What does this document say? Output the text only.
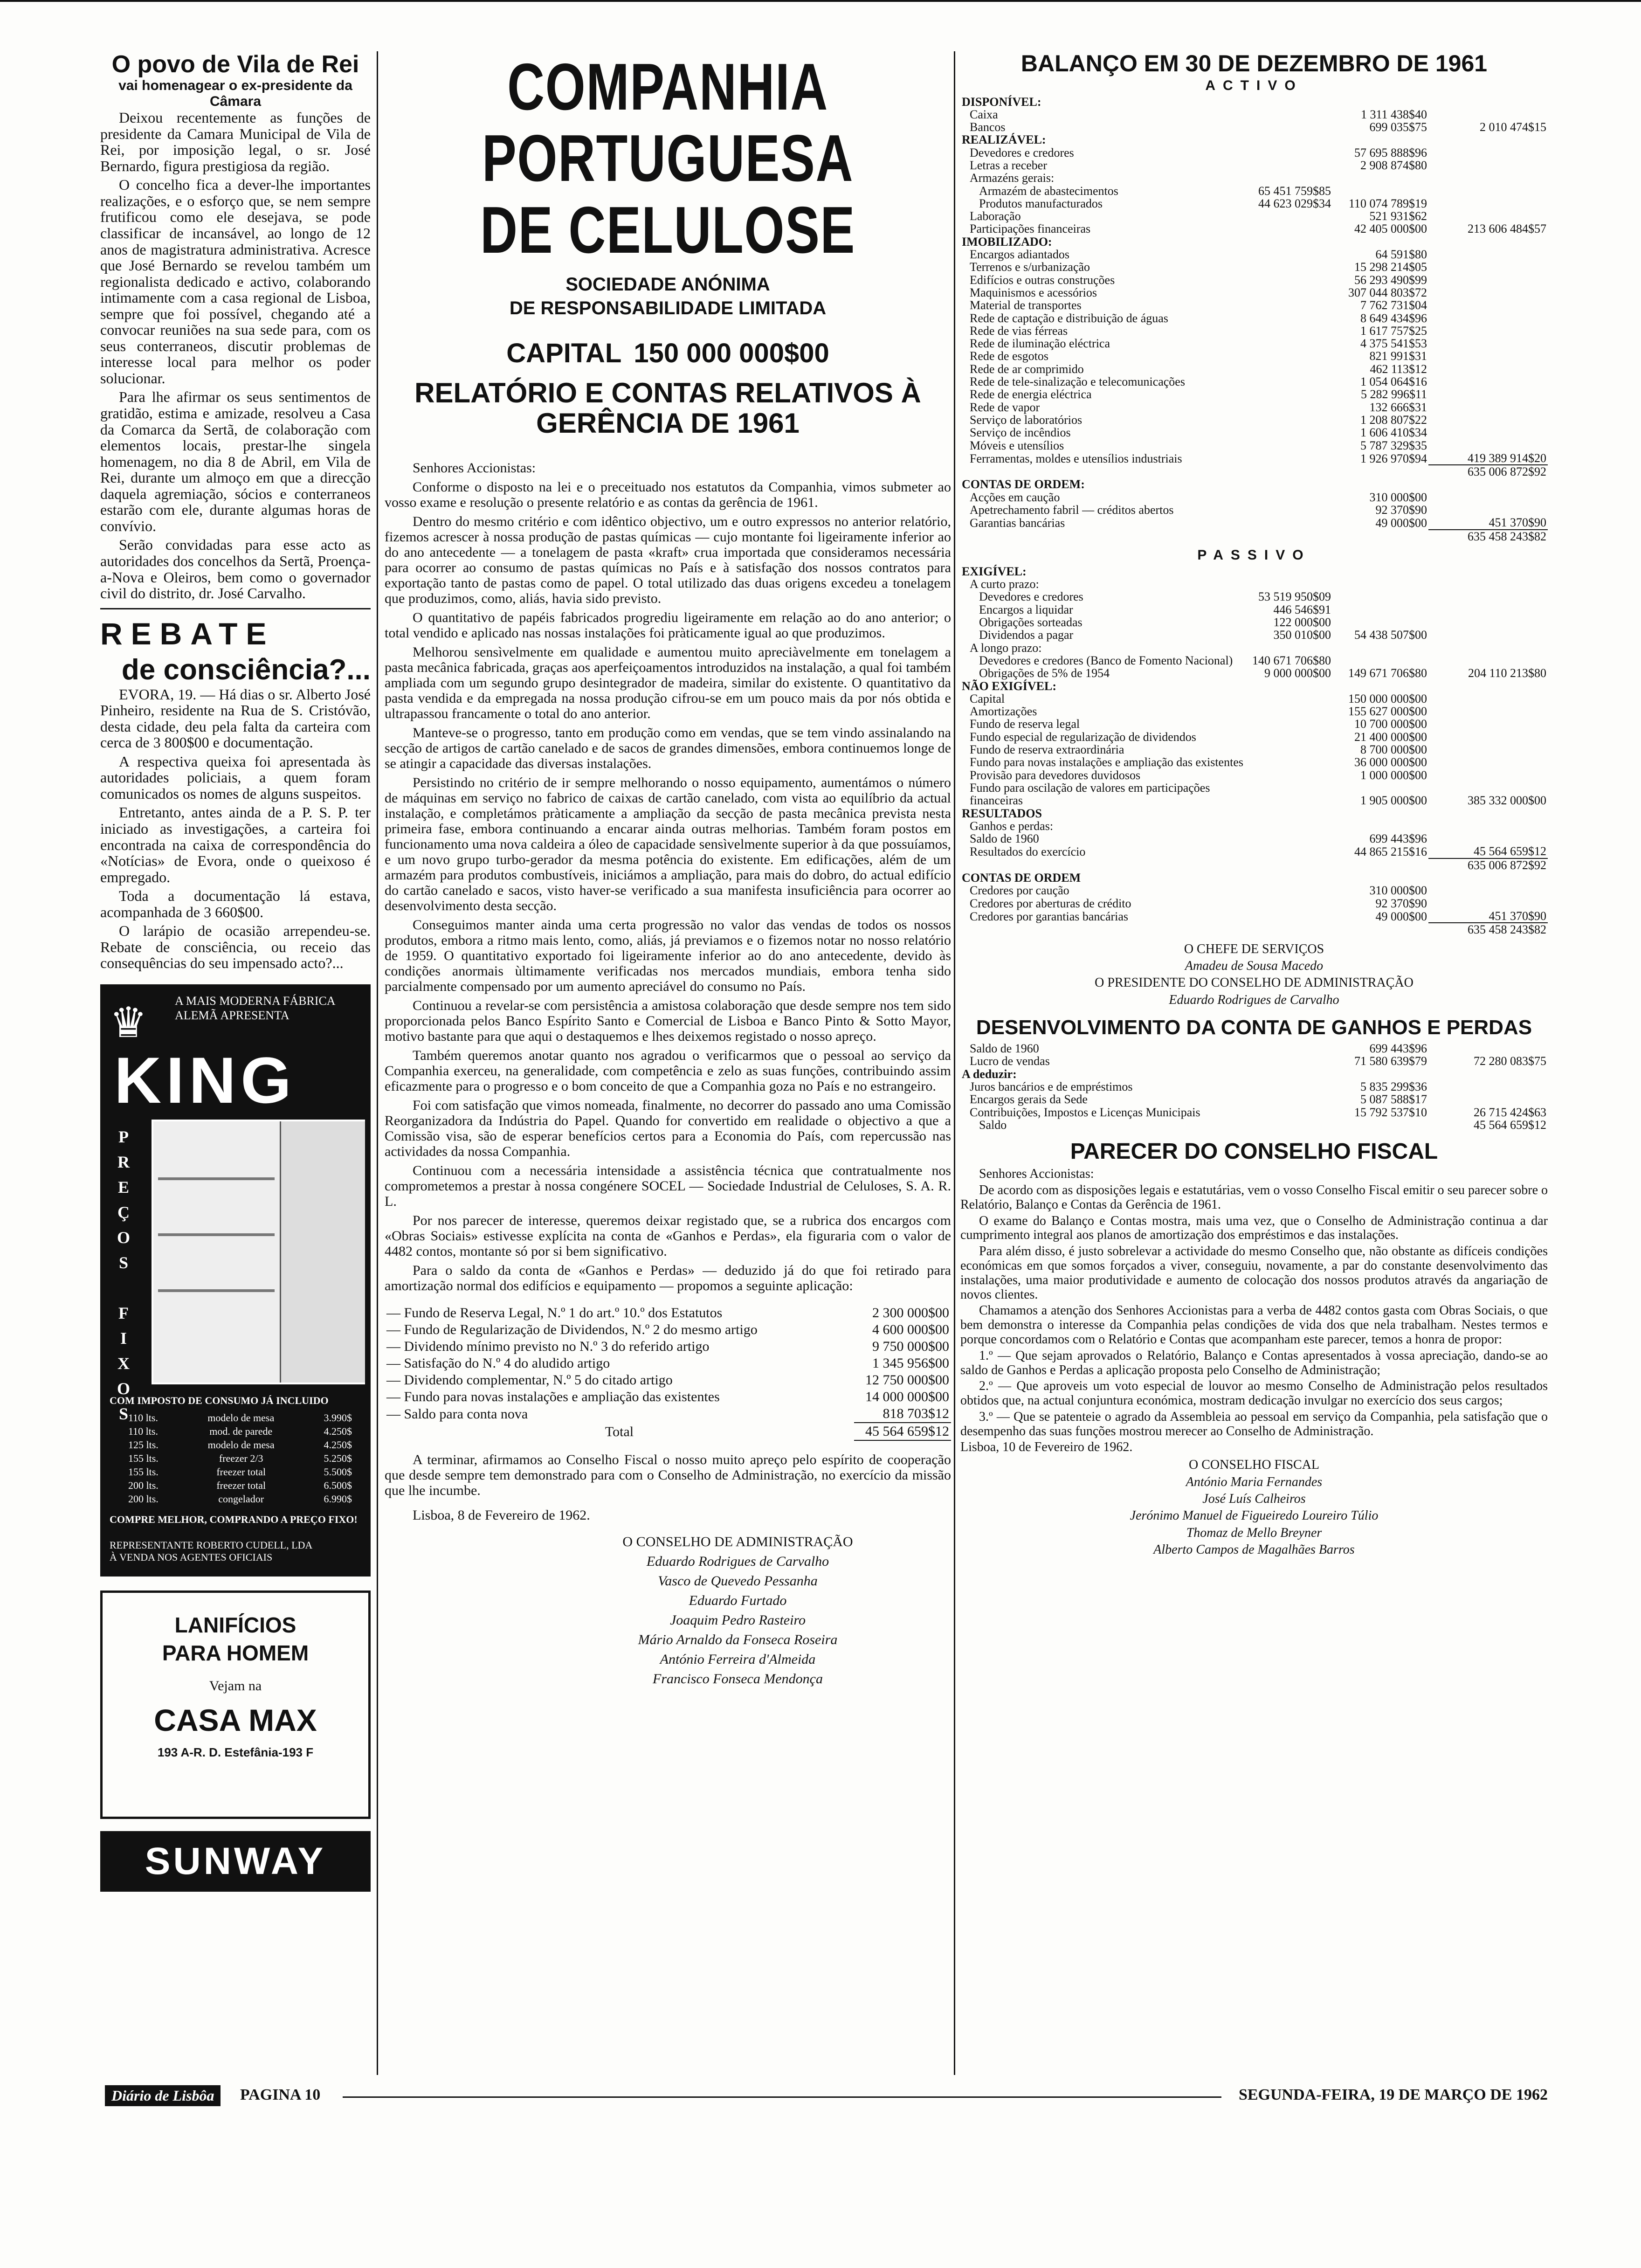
O povo de Vila de Rei
vai homenagear o ex-presidente da Câmara

Deixou recentemente as funções de presidente da Camara Municipal de Vila de Rei, por imposição legal, o sr. José Bernardo, figura prestigiosa da região.

O concelho fica a dever-lhe importantes realizações, e o esforço que, se nem sempre frutificou como ele desejava, se pode classificar de incansável, ao longo de 12 anos de magistratura administrativa. Acresce que José Bernardo se revelou também um regionalista dedicado e activo, colaborando intimamente com a casa regional de Lisboa, sempre que foi possível, chegando até a convocar reuniões na sua sede para, com os seus conterraneos, discutir problemas de interesse local para melhor os poder solucionar.

Para lhe afirmar os seus sentimentos de gratidão, estima e amizade, resolveu a Casa da Comarca da Sertã, de colaboração com elementos locais, prestar-lhe singela homenagem, no dia 8 de Abril, em Vila de Rei, durante um almoço em que a direcção daquela agremiação, sócios e conterraneos estarão com ele, durante algumas horas de convívio.

Serão convidadas para esse acto as autoridades dos concelhos da Sertã, Proença-a-Nova e Oleiros, bem como o governador civil do distrito, dr. José Carvalho.

REBATE
de consciência?...

EVORA, 19. — Há dias o sr. Alberto José Pinheiro, residente na Rua de S. Cristóvão, desta cidade, deu pela falta da carteira com cerca de 3 800$00 e documentação.

A respectiva queixa foi apresentada às autoridades policiais, a quem foram comunicados os nomes de alguns suspeitos.

Entretanto, antes ainda de a P. S. P. ter iniciado as investigações, a carteira foi encontrada na caixa de correspondência do «Notícias» de Evora, onde o queixoso é empregado.

Toda a documentação lá estava, acompanhada de 3 660$00.

O larápio de ocasião arrependeu-se. Rebate de consciência, ou receio das consequências do seu impensado acto?...

♛ A MAIS MODERNA FÁBRICA ALEMÃ APRESENTA
KING
P
R
E
Ç
O
S
F
I
X
O
S
COM IMPOSTO DE CONSUMO JÁ INCLUIDO
110 lts.	modelo de mesa	3.990$
110 lts.	mod. de parede	4.250$
125 lts.	modelo de mesa	4.250$
155 lts.	freezer 2/3	5.250$
155 lts.	freezer total	5.500$
200 lts.	freezer total	6.500$
200 lts.	congelador	6.990$
COMPRE MELHOR, COMPRANDO A PREÇO FIXO!
REPRESENTANTE ROBERTO CUDELL, LDA
À VENDA NOS AGENTES OFICIAIS
LANIFÍCIOS
PARA HOMEM
Vejam na
CASA MAX
193 A-R. D. Estefânia-193 F
SUNWAY
COMPANHIA PORTUGUESA
DE CELULOSE
SOCIEDADE ANÓNIMA
DE RESPONSABILIDADE LIMITADA
CAPITAL 150 000 000$00
RELATÓRIO E CONTAS RELATIVOS À GERÊNCIA DE 1961

Senhores Accionistas:

Conforme o disposto na lei e o preceituado nos estatutos da Companhia, vimos submeter ao vosso exame e resolução o presente relatório e as contas da gerência de 1961.

Dentro do mesmo critério e com idêntico objectivo, um e outro expressos no anterior relatório, fizemos acrescer à nossa produção de pastas químicas — cujo montante foi ligeiramente inferior ao do ano antecedente — a tonelagem de pasta «kraft» crua importada que consideramos necessária para ocorrer ao consumo de pastas químicas no País e à satisfação dos nossos contratos para exportação tanto de pastas como de papel. O total utilizado das duas origens excedeu a tonelagem que produzimos, como, aliás, havia sido previsto.

O quantitativo de papéis fabricados progrediu ligeiramente em relação ao do ano anterior; o total vendido e aplicado nas nossas instalações foi pràticamente igual ao que produzimos.

Melhorou sensìvelmente em qualidade e aumentou muito apreciàvelmente em tonelagem a pasta mecânica fabricada, graças aos aperfeiçoamentos introduzidos na instalação, a qual foi também ampliada com um segundo grupo desintegrador de madeira, similar do existente. O quantitativo da pasta vendida e da empregada na nossa produção cifrou-se em um pouco mais da por nós obtida e ultrapassou francamente o total do ano anterior.

Manteve-se o progresso, tanto em produção como em vendas, que se tem vindo assinalando na secção de artigos de cartão canelado e de sacos de grandes dimensões, embora continuemos longe de se atingir a capacidade das diversas instalações.

Persistindo no critério de ir sempre melhorando o nosso equipamento, aumentámos o número de máquinas em serviço no fabrico de caixas de cartão canelado, com vista ao equilíbrio da actual instalação, e completámos pràticamente a ampliação da secção de pasta mecânica prevista nesta primeira fase, embora continuando a encarar ainda outras melhorias. Também foram postos em funcionamento uma nova caldeira a óleo de capacidade sensìvelmente superior à da que possuíamos, e um novo grupo turbo-gerador da mesma potência do existente. Em edificações, além de um armazém para produtos combustíveis, iniciámos a ampliação, para mais do dobro, do actual edifício do cartão canelado e sacos, visto haver-se verificado a sua manifesta insuficiência para ocorrer ao desenvolvimento desta secção.

Conseguimos manter ainda uma certa progressão no valor das vendas de todos os nossos produtos, embora a ritmo mais lento, como, aliás, já previamos e o fizemos notar no nosso relatório de 1959. O quantitativo exportado foi ligeiramente inferior ao do ano antecedente, devido às condições anormais ùltimamente verificadas nos mercados mundiais, embora tenha sido parcialmente compensado por um aumento apreciável do consumo no País.

Continuou a revelar-se com persistência a amistosa colaboração que desde sempre nos tem sido proporcionada pelos Banco Espírito Santo e Comercial de Lisboa e Banco Pinto & Sotto Mayor, motivo bastante para que aqui o destaquemos e lhes deixemos registado o nosso apreço.

Também queremos anotar quanto nos agradou o verificarmos que o pessoal ao serviço da Companhia exerceu, na generalidade, com competência e zelo as suas funções, contribuindo assim eficazmente para o progresso e o bom conceito de que a Companhia goza no País e no estrangeiro.

Foi com satisfação que vimos nomeada, finalmente, no decorrer do passado ano uma Comissão Reorganizadora da Indústria do Papel. Quando for convertido em realidade o objectivo a que a Comissão visa, são de esperar benefícios certos para a Economia do País, com repercussão nas actividades da nossa Companhia.

Continuou com a necessária intensidade a assistência técnica que contratualmente nos comprometemos a prestar à nossa congénere SOCEL — Sociedade Industrial de Celuloses, S. A. R. L.

Por nos parecer de interesse, queremos deixar registado que, se a rubrica dos encargos com «Obras Sociais» estivesse explícita na conta de «Ganhos e Perdas», ela figuraria com o valor de 4482 contos, montante só por si bem significativo.

Para o saldo da conta de «Ganhos e Perdas» — deduzido já do que foi retirado para amortização normal dos edifícios e equipamento — propomos a seguinte aplicação:

— Fundo de Reserva Legal, N.º 1 do art.º 10.º dos Estatutos	2 300 000$00
— Fundo de Regularização de Dividendos, N.º 2 do mesmo artigo	4 600 000$00
— Dividendo mínimo previsto no N.º 3 do referido artigo	9 750 000$00
— Satisfação do N.º 4 do aludido artigo	1 345 956$00
— Dividendo complementar, N.º 5 do citado artigo	12 750 000$00
— Fundo para novas instalações e ampliação das existentes	14 000 000$00
— Saldo para conta nova	818 703$12
Total	45 564 659$12

A terminar, afirmamos ao Conselho Fiscal o nosso muito apreço pelo espírito de cooperação que desde sempre tem demonstrado para com o Conselho de Administração, no exercício da missão que lhe incumbe.

Lisboa, 8 de Fevereiro de 1962.

O CONSELHO DE ADMINISTRAÇÃO
Eduardo Rodrigues de Carvalho
Vasco de Quevedo Pessanha
Eduardo Furtado
Joaquim Pedro Rasteiro
Mário Arnaldo da Fonseca Roseira
António Ferreira d'Almeida
Francisco Fonseca Mendonça
BALANÇO EM 30 DE DEZEMBRO DE 1961
ACTIVO
DISPONÍVEL:			
Caixa		1 311 438$40	
Bancos		699 035$75	2 010 474$15
REALIZÁVEL:			
Devedores e credores		57 695 888$96	
Letras a receber		2 908 874$80	
Armazéns gerais:			
Armazém de abastecimentos	65 451 759$85		
Produtos manufacturados	44 623 029$34	110 074 789$19	
Laboração		521 931$62	
Participações financeiras		42 405 000$00	213 606 484$57
IMOBILIZADO:			
Encargos adiantados		64 591$80	
Terrenos e s/urbanização		15 298 214$05	
Edifícios e outras construções		56 293 490$99	
Maquinismos e acessórios		307 044 803$72	
Material de transportes		7 762 731$04	
Rede de captação e distribuição de águas		8 649 434$96	
Rede de vias férreas		1 617 757$25	
Rede de iluminação eléctrica		4 375 541$53	
Rede de esgotos		821 991$31	
Rede de ar comprimido		462 113$12	
Rede de tele-sinalização e telecomunicações		1 054 064$16	
Rede de energia eléctrica		5 282 996$11	
Rede de vapor		132 666$31	
Serviço de laboratórios		1 208 807$22	
Serviço de incêndios		1 606 410$34	
Móveis e utensílios		5 787 329$35	
Ferramentas, moldes e utensílios industriais		1 926 970$94	419 389 914$20
			635 006 872$92
CONTAS DE ORDEM:			
Acções em caução		310 000$00	
Apetrechamento fabril — créditos abertos		92 370$90	
Garantias bancárias		49 000$00	451 370$90
			635 458 243$82
PASSIVO
EXIGÍVEL:			
A curto prazo:			
Devedores e credores	53 519 950$09		
Encargos a liquidar	446 546$91		
Obrigações sorteadas	122 000$00		
Dividendos a pagar	350 010$00	54 438 507$00	
A longo prazo:			
Devedores e credores (Banco de Fomento Nacional)	140 671 706$80		
Obrigações de 5% de 1954	9 000 000$00	149 671 706$80	204 110 213$80
NÃO EXIGÍVEL:			
Capital		150 000 000$00	
Amortizações		155 627 000$00	
Fundo de reserva legal		10 700 000$00	
Fundo especial de regularização de dividendos		21 400 000$00	
Fundo de reserva extraordinária		8 700 000$00	
Fundo para novas instalações e ampliação das existentes		36 000 000$00	
Provisão para devedores duvidosos		1 000 000$00	
Fundo para oscilação de valores em participações financeiras		1 905 000$00	385 332 000$00
RESULTADOS			
Ganhos e perdas:			
Saldo de 1960		699 443$96	
Resultados do exercício		44 865 215$16	45 564 659$12
			635 006 872$92
CONTAS DE ORDEM			
Credores por caução		310 000$00	
Credores por aberturas de crédito		92 370$90	
Credores por garantias bancárias		49 000$00	451 370$90
			635 458 243$82
O CHEFE DE SERVIÇOS
Amadeu de Sousa Macedo
O PRESIDENTE DO CONSELHO DE ADMINISTRAÇÃO
Eduardo Rodrigues de Carvalho
DESENVOLVIMENTO DA CONTA DE GANHOS E PERDAS
Saldo de 1960		699 443$96	
Lucro de vendas		71 580 639$79	72 280 083$75
A deduzir:			
Juros bancários e de empréstimos		5 835 299$36	
Encargos gerais da Sede		5 087 588$17	
Contribuições, Impostos e Licenças Municipais		15 792 537$10	26 715 424$63
Saldo			45 564 659$12
PARECER DO CONSELHO FISCAL

Senhores Accionistas:

De acordo com as disposições legais e estatutárias, vem o vosso Conselho Fiscal emitir o seu parecer sobre o Relatório, Balanço e Contas da Gerência de 1961.

O exame do Balanço e Contas mostra, mais uma vez, que o Conselho de Administração continua a dar cumprimento integral aos planos de amortização dos empréstimos e das instalações.

Para além disso, é justo sobrelevar a actividade do mesmo Conselho que, não obstante as difíceis condições económicas em que somos forçados a viver, conseguiu, novamente, a par do constante desenvolvimento das instalações, uma maior produtividade e aumento de colocação dos nossos produtos através da angariação de novos clientes.

Chamamos a atenção dos Senhores Accionistas para a verba de 4482 contos gasta com Obras Sociais, o que bem demonstra o interesse da Companhia pelas condições de vida dos que nela trabalham. Nestes termos e porque concordamos com o Relatório e Contas que acompanham este parecer, temos a honra de propor:

1.º — Que sejam aprovados o Relatório, Balanço e Contas apresentados à vossa apreciação, dando-se ao saldo de Ganhos e Perdas a aplicação proposta pelo Conselho de Administração;

2.º — Que aproveis um voto especial de louvor ao mesmo Conselho de Administração pelos resultados obtidos que, na actual conjuntura económica, mostram dedicação invulgar no exercício dos seus cargos;

3.º — Que se patenteie o agrado da Assembleia ao pessoal em serviço da Companhia, pela satisfação que o desempenho das suas funções mostrou merecer ao Conselho de Administração.

Lisboa, 10 de Fevereiro de 1962.

O CONSELHO FISCAL
António Maria Fernandes
José Luís Calheiros
Jerónimo Manuel de Figueiredo Loureiro Túlio
Thomaz de Mello Breyner
Alberto Campos de Magalhães Barros
Diário de Lisbôa	PAGINA 10	SEGUNDA-FEIRA, 19 DE MARÇO DE 1962
